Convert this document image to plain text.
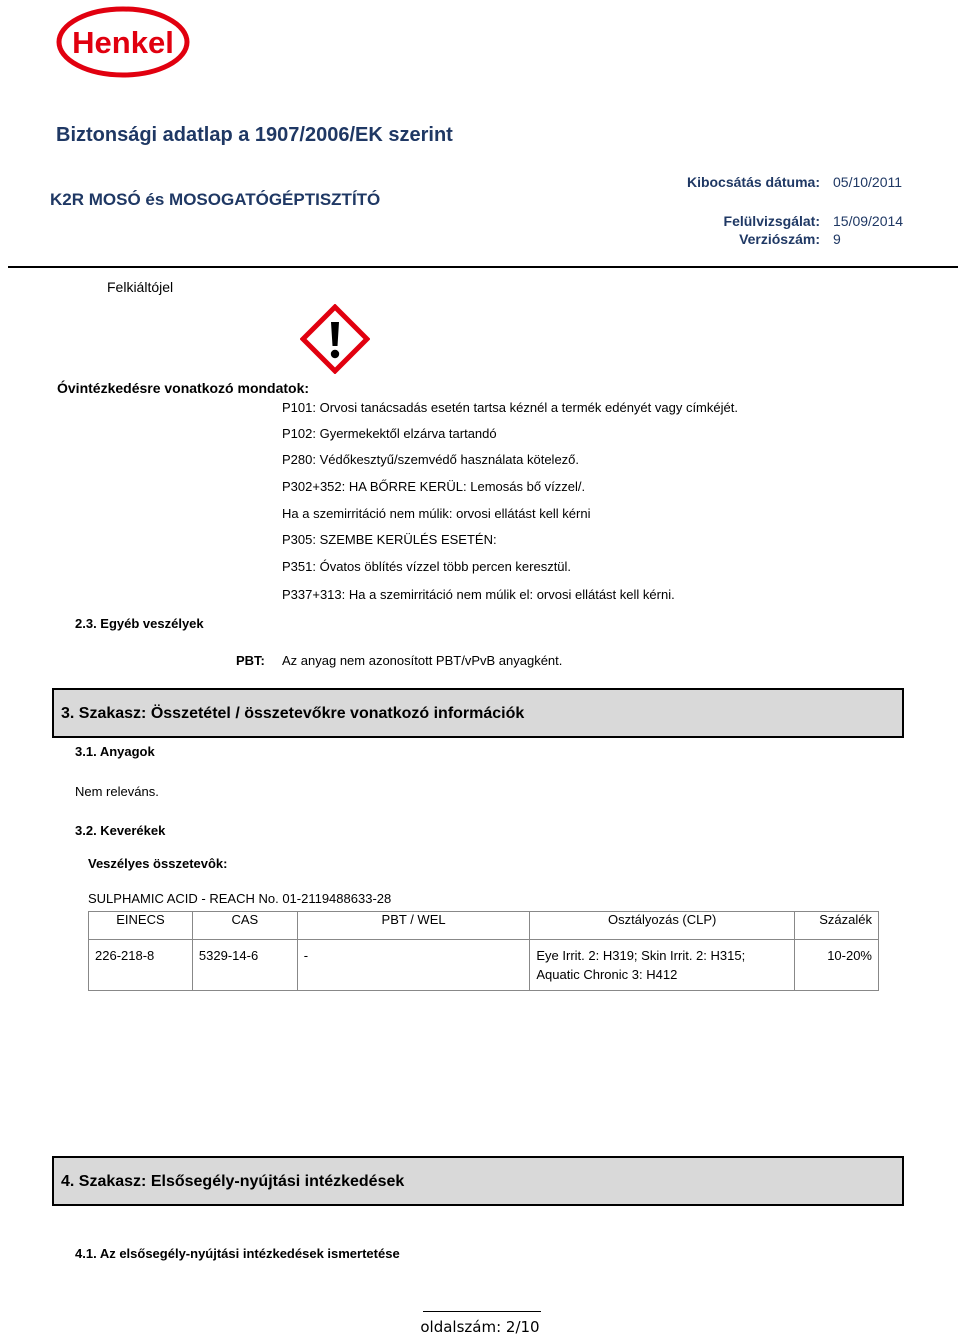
Henkel
Biztonsági adatlap a 1907/2006/EK szerint
K2R MOSÓ és MOSOGATÓGÉPTISZTÍTÓ
Kibocsátás dátuma: 05/10/2011
Felülvizsgálat: 15/09/2014
Verziószám: 9
Felkiáltójel
Óvintézkedésre vonatkozó mondatok:
P101: Orvosi tanácsadás esetén tartsa kéznél a termék edényét vagy címkéjét.
P102: Gyermekektől elzárva tartandó
P280: Védőkesztyű/szemvédő használata kötelező.
P302+352: HA BŐRRE KERÜL: Lemosás bő vízzel/.
Ha a szemirritáció nem múlik: orvosi ellátást kell kérni
P305: SZEMBE KERÜLÉS ESETÉN:
P351: Óvatos öblítés vízzel több percen keresztül.
P337+313: Ha a szemirritáció nem múlik el: orvosi ellátást kell kérni.
2.3. Egyéb veszélyek
PBT: Az anyag nem azonosított PBT/vPvB anyagként.
3. Szakasz: Összetétel / összetevőkre vonatkozó információk
3.1. Anyagok
Nem releváns.
3.2. Keverékek
Veszélyes összetevôk:
SULPHAMIC ACID - REACH No. 01-2119488633-28
EINECS	CAS	PBT / WEL	Osztályozás (CLP)	Százalék
226-218-8	5329-14-6	-	Eye Irrit. 2: H319; Skin Irrit. 2: H315; Aquatic Chronic 3: H412	10-20%
4. Szakasz: Elsősegély-nyújtási intézkedések
4.1. Az elsősegély-nyújtási intézkedések ismertetése
oldalszám: 2/10
